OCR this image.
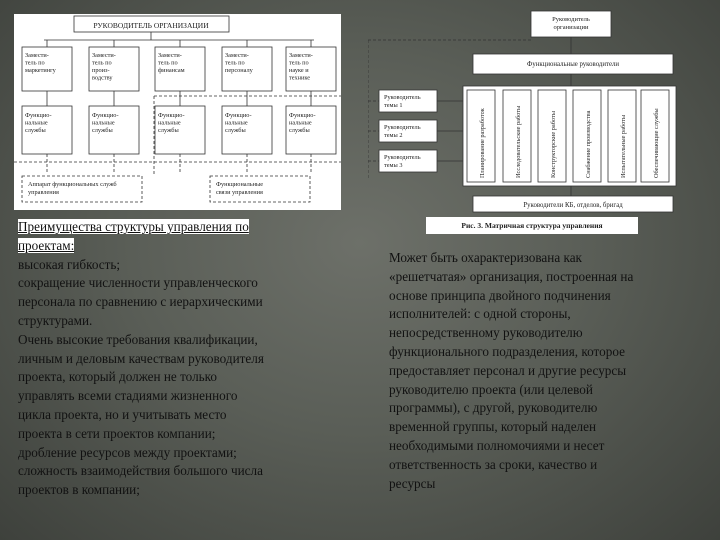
РУКОВОДИТЕЛЬ ОРГАНИЗАЦИИ
Замести-тель по маркетингу
Функцио-нальные службы
Замести-тель по произ-водству
Функцио-нальные службы
Замести-тель по финансам
Функцио-нальные службы
Замести-тель по персоналу
Функцио-нальные службы
Замести-тель по науке и технике
Функцио-нальные службы
Аппарат функциональных служб управления
Функциональные связи управления
Руководитель организации
Функциональные руководители
Руководитель темы 1
Руководитель темы 2
Руководитель темы 3	Планирование разработок	Исследовательские работы	Конструкторские работы	Снабжение производства	Испытательные работы	Обеспечивающие службы
Руководители КБ, отделов, бригад
Рис. 3. Матричная структура управления
Преимущества структуры управления по
проектам:
высокая гибкость;
сокращение численности управленческого
персонала по сравнению с иерархическими
структурами.
Очень высокие требования квалификации,
личным и деловым качествам руководителя
проекта, который должен не только
управлять всеми стадиями жизненного
цикла проекта, но и учитывать место
проекта в сети проектов компании;
дробление ресурсов между проектами;
сложность взаимодействия большого числа
проектов в компании;
Может быть охарактеризована как
«решетчатая» организация, построенная на
основе принципа двойного подчинения
исполнителей: с одной стороны,
непосредственному руководителю
функционального подразделения, которое
предоставляет персонал и другие ресурсы
руководителю проекта (или целевой
программы), с другой, руководителю
временной группы, который наделен
необходимыми полномочиями и несет
ответственность за сроки, качество и
ресурсы
